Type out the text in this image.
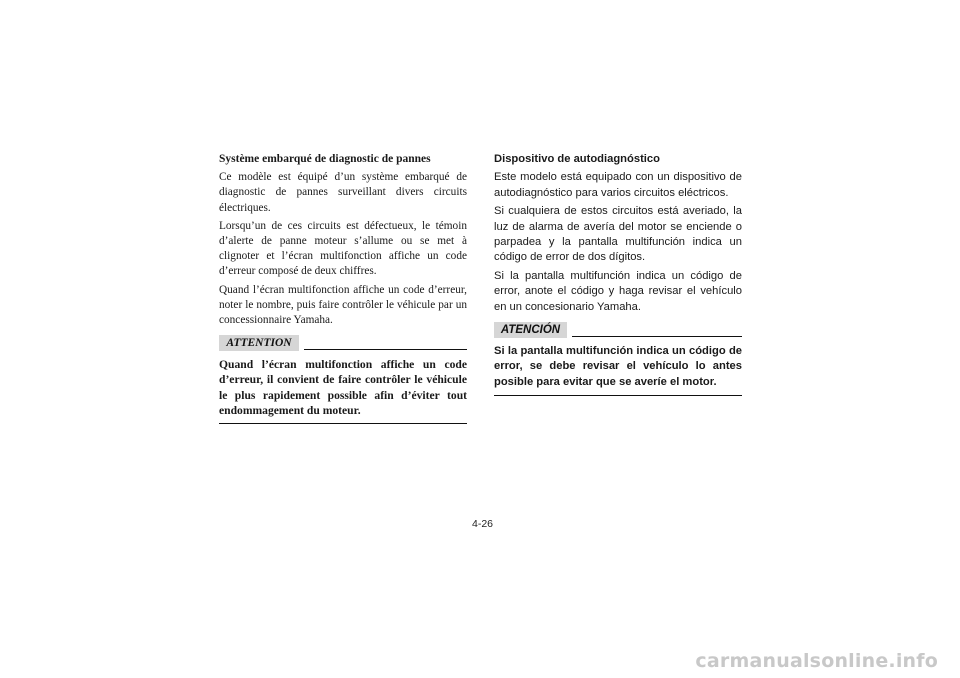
Système embarqué de diagnostic de pannes

Ce modèle est équipé d’un système embarqué de diagnostic de pannes surveillant divers circuits électriques.

Lorsqu’un de ces circuits est défectueux, le témoin d’alerte de panne moteur s’allume ou se met à clignoter et l’écran multifonction affiche un code d’erreur composé de deux chiffres.

Quand l’écran multifonction affiche un code d’erreur, noter le nombre, puis faire contrôler le véhicule par un concessionnaire Yamaha.

ATTENTION

Quand l’écran multifonction affiche un code d’erreur, il convient de faire contrôler le véhicule le plus rapidement possible afin d’éviter tout endommagement du moteur.

Dispositivo de autodiagnóstico

Este modelo está equipado con un dispositivo de autodiagnóstico para varios circuitos eléctricos.

Si cualquiera de estos circuitos está averiado, la luz de alarma de avería del motor se enciende o parpadea y la pantalla multifunción indica un código de error de dos dígitos.

Si la pantalla multifunción indica un código de error, anote el código y haga revisar el vehículo en un concesionario Yamaha.

ATENCIÓN

Si la pantalla multifunción indica un código de error, se debe revisar el vehículo lo antes posible para evitar que se averíe el motor.

4-26
carmanualsonline.info
